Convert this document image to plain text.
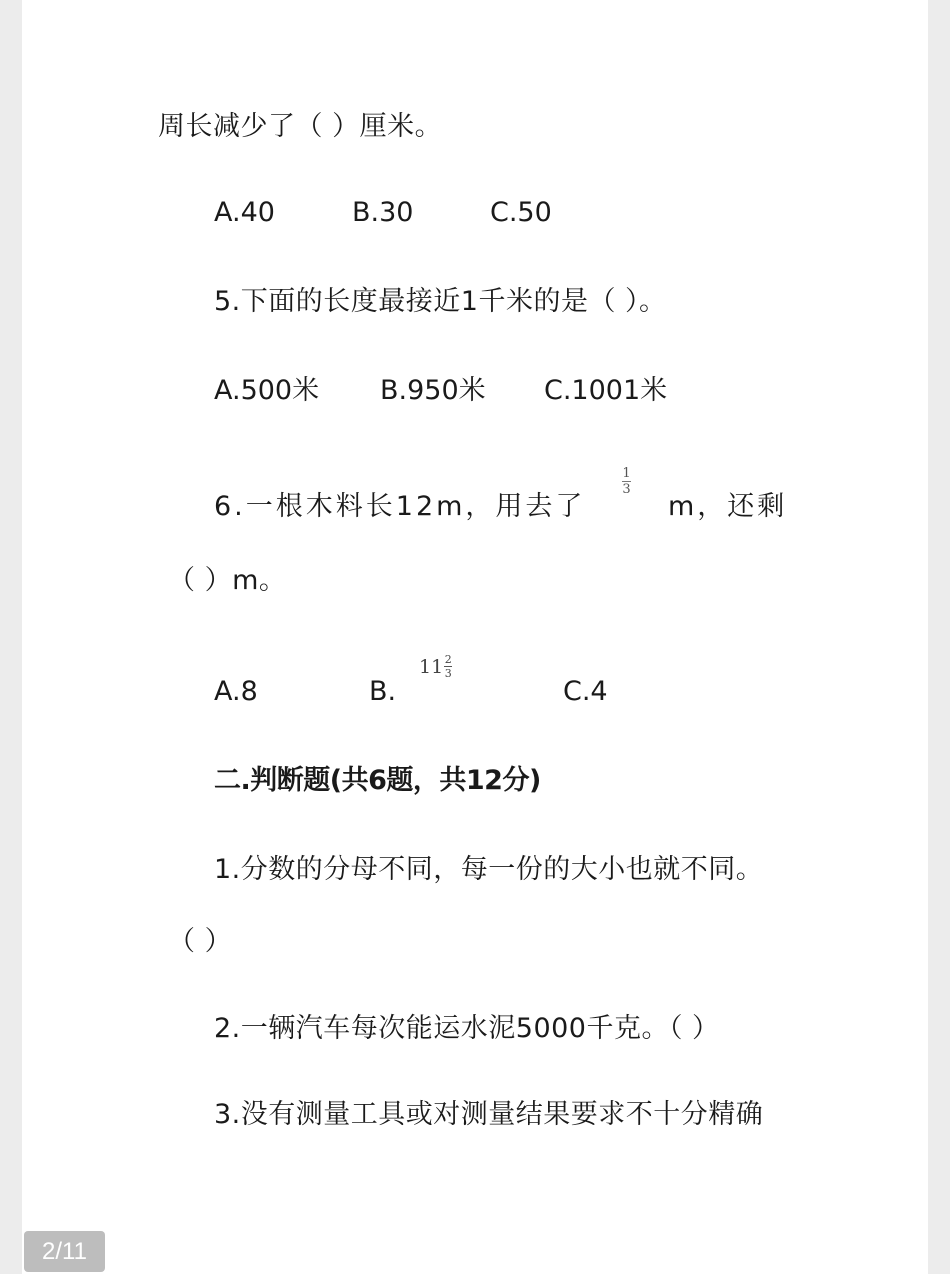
周长减少了（ ）厘米。
A.40	B.30	C.50
5.下面的长度最接近1千米的是（ ）。
A.500米 B.950米 C.1001米
6.一根木料长12m，用去了
1
3
m，还剩
（ ）m。
A.8	B.
11 2
3
C.4
二.判断题(共6题，共12分)
1.分数的分母不同，每一份的大小也就不同。
（ ）
2.一辆汽车每次能运水泥5000千克。（ ）
3.没有测量工具或对测量结果要求不十分精确
2/11
